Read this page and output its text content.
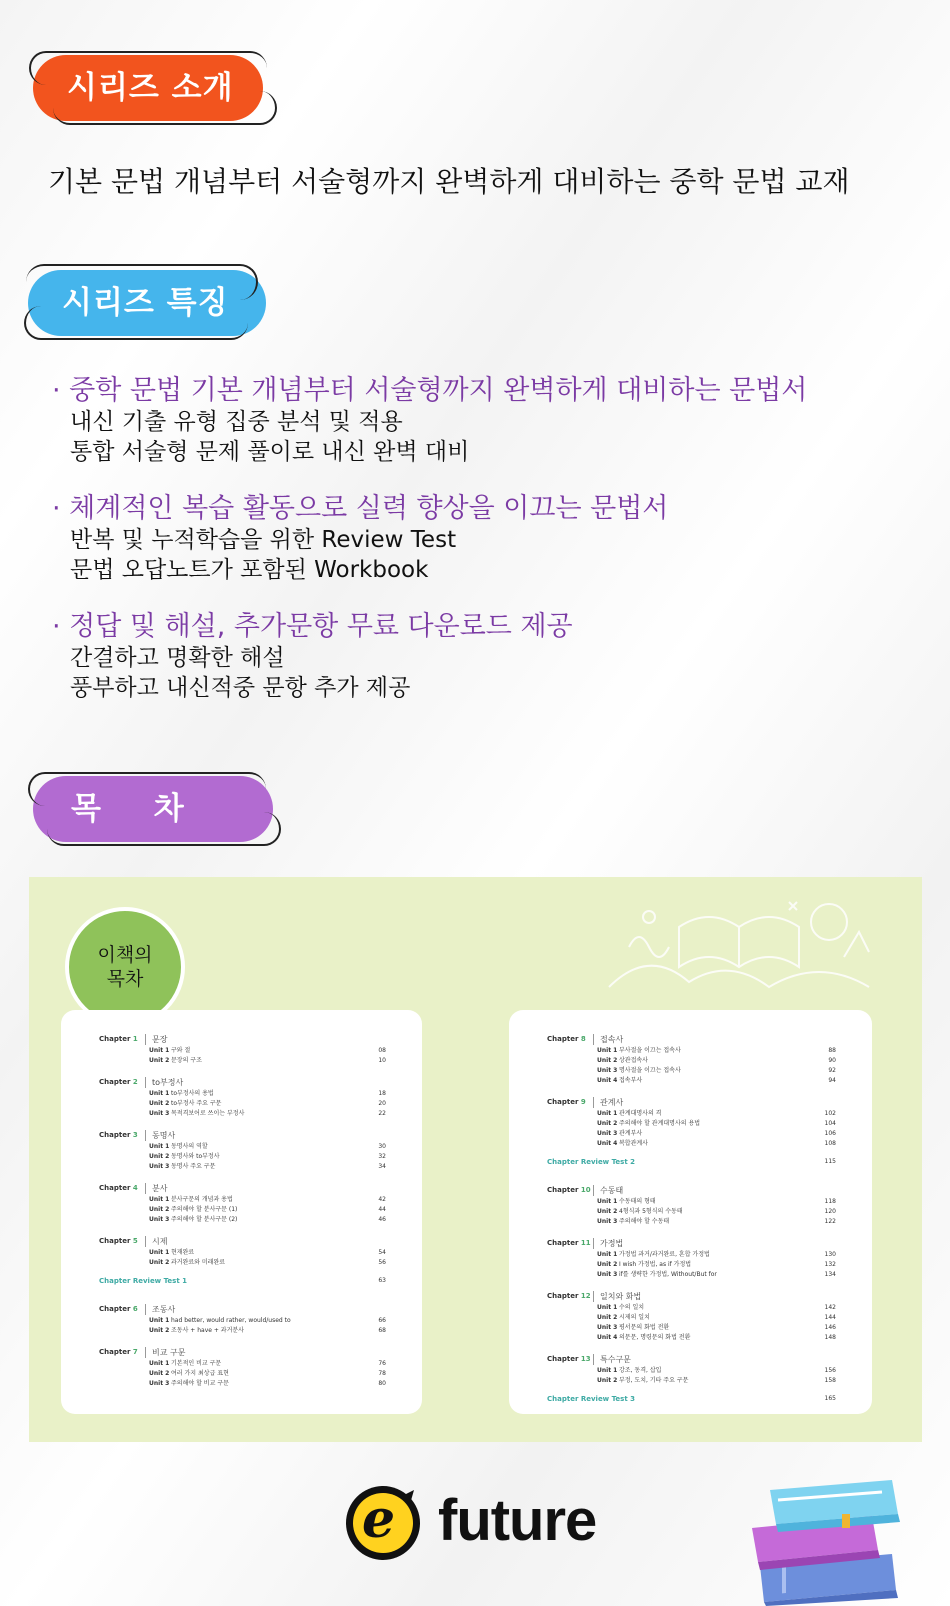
시리즈 소개
기본 문법 개념부터 서술형까지 완벽하게 대비하는 중학 문법 교재
시리즈 특징
· 중학 문법 기본 개념부터 서술형까지 완벽하게 대비하는 문법서
내신 기출 유형 집중 분석 및 적용
통합 서술형 문제 풀이로 내신 완벽 대비
· 체계적인 복습 활동으로 실력 향상을 이끄는 문법서
반복 및 누적학습을 위한 Review Test
문법 오답노트가 포함된 Workbook
· 정답 및 해설, 추가문항 무료 다운로드 제공
간결하고 명확한 해설
풍부하고 내신적중 문항 추가 제공
목 차
이책의
목차
Chapter 1	문장
Unit 1 구와 절	08
Unit 2 문장의 구조	10
Chapter 2	to부정사
Unit 1 to부정사의 용법	18
Unit 2 to부정사 주요 구문	20
Unit 3 목적격보어로 쓰이는 부정사	22
Chapter 3	동명사
Unit 1 동명사의 역할	30
Unit 2 동명사와 to부정사	32
Unit 3 동명사 주요 구문	34
Chapter 4	분사
Unit 1 분사구문의 개념과 용법	42
Unit 2 주의해야 할 분사구문 (1)	44
Unit 3 주의해야 할 분사구문 (2)	46
Chapter 5	시제
Unit 1 현재완료	54
Unit 2 과거완료와 미래완료	56
Chapter Review Test 1	63
Chapter 6	조동사
Unit 1 had better, would rather, would/used to	66
Unit 2 조동사 + have + 과거분사	68
Chapter 7	비교 구문
Unit 1 기본적인 비교 구문	76
Unit 2 여러 가지 최상급 표현	78
Unit 3 주의해야 할 비교 구문	80
Chapter 8	접속사
Unit 1 부사절을 이끄는 접속사	88
Unit 2 상관접속사	90
Unit 3 명사절을 이끄는 접속사	92
Unit 4 접속부사	94
Chapter 9	관계사
Unit 1 관계대명사의 격	102
Unit 2 주의해야 할 관계대명사의 용법	104
Unit 3 관계부사	106
Unit 4 복합관계사	108
Chapter Review Test 2	115
Chapter 10	수동태
Unit 1 수동태의 형태	118
Unit 2 4형식과 5형식의 수동태	120
Unit 3 주의해야 할 수동태	122
Chapter 11	가정법
Unit 1 가정법 과거/과거완료, 혼합 가정법	130
Unit 2 I wish 가정법, as if 가정법	132
Unit 3 if를 생략한 가정법, Without/But for	134
Chapter 12	일치와 화법
Unit 1 수의 일치	142
Unit 2 시제의 일치	144
Unit 3 평서문의 화법 전환	146
Unit 4 의문문, 명령문의 화법 전환	148
Chapter 13	특수구문
Unit 1 강조, 동격, 삽입	156
Unit 2 부정, 도치, 기타 주요 구문	158
Chapter Review Test 3	165
e future
